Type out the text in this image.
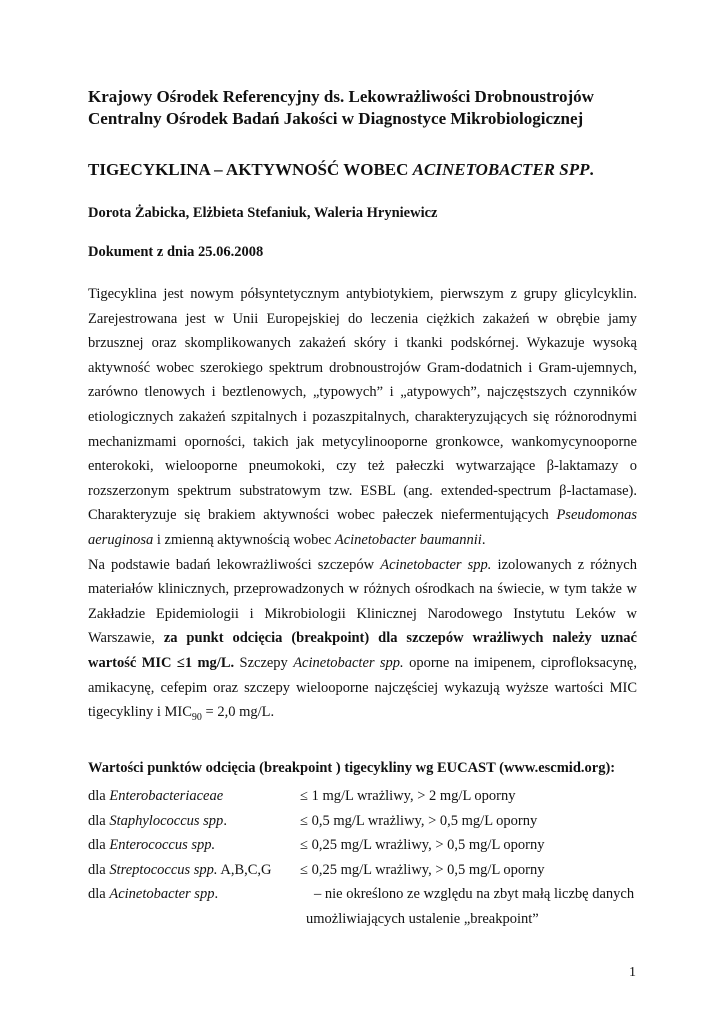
Krajowy Ośrodek Referencyjny ds. Lekowrażliwości Drobnoustrojów
Centralny Ośrodek Badań Jakości w Diagnostyce Mikrobiologicznej
TIGECYKLINA – AKTYWNOŚĆ WOBEC ACINETOBACTER SPP.
Dorota Żabicka, Elżbieta Stefaniuk, Waleria Hryniewicz
Dokument z dnia 25.06.2008

Tigecyklina jest nowym półsyntetycznym antybiotykiem, pierwszym z grupy glicylcyklin. Zarejestrowana jest w Unii Europejskiej do leczenia ciężkich zakażeń w obrębie jamy brzusznej oraz skomplikowanych zakażeń skóry i tkanki podskórnej. Wykazuje wysoką aktywność wobec szerokiego spektrum drobnoustrojów Gram-dodatnich i Gram-ujemnych, zarówno tlenowych i beztlenowych, „typowych” i „atypowych”, najczęstszych czynników etiologicznych zakażeń szpitalnych i pozaszpitalnych, charakteryzujących się różnorodnymi mechanizmami oporności, takich jak metycylinooporne gronkowce, wankomycynooporne enterokoki, wielooporne pneumokoki, czy też pałeczki wytwarzające β-laktamazy o rozszerzonym spektrum substratowym tzw. ESBL (ang. extended-spectrum β-lactamase). Charakteryzuje się brakiem aktywności wobec pałeczek niefermentujących Pseudomonas aeruginosa i zmienną aktywnością wobec Acinetobacter baumannii.

Na podstawie badań lekowrażliwości szczepów Acinetobacter spp. izolowanych z różnych materiałów klinicznych, przeprowadzonych w różnych ośrodkach na świecie, w tym także w Zakładzie Epidemiologii i Mikrobiologii Klinicznej Narodowego Instytutu Leków w Warszawie, za punkt odcięcia (breakpoint) dla szczepów wrażliwych należy uznać wartość MIC ≤1 mg/L. Szczepy Acinetobacter spp. oporne na imipenem, ciprofloksacynę, amikacynę, cefepim oraz szczepy wielooporne najczęściej wykazują wyższe wartości MIC tigecykliny i $MIC_{90} = 2,0$ mg/L.

Wartości punktów odcięcia (breakpoint ) tigecykliny wg EUCAST (www.escmid.org):
dla Enterobacteriaceae	≤ 1 mg/L wrażliwy, > 2 mg/L oporny
dla Staphylococcus spp.	≤ 0,5 mg/L wrażliwy, > 0,5 mg/L oporny
dla Enterococcus spp.	≤ 0,25 mg/L wrażliwy, > 0,5 mg/L oporny
dla Streptococcus spp. A,B,C,G	≤ 0,25 mg/L wrażliwy, > 0,5 mg/L oporny
dla Acinetobacter spp.	– nie określono ze względu na zbyt małą liczbę danych
umożliwiających ustalenie „breakpoint”
1
